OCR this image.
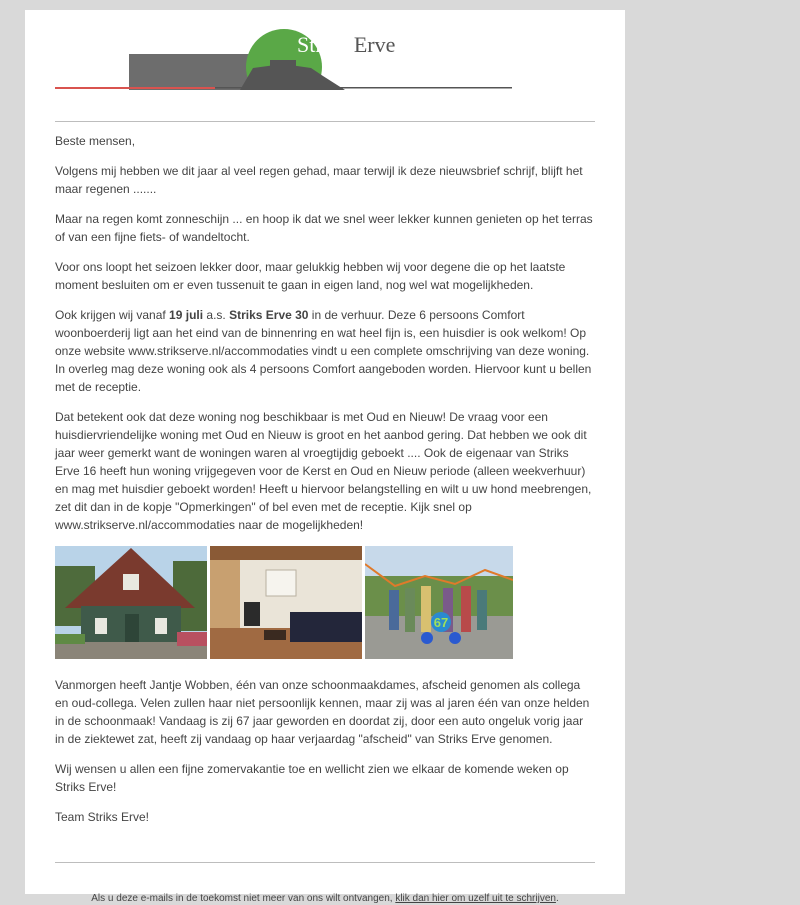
Striks Erve

Beste mensen,

Volgens mij hebben we dit jaar al veel regen gehad, maar terwijl ik deze nieuwsbrief schrijf, blijft het maar regenen .......

Maar na regen komt zonneschijn ... en hoop ik dat we snel weer lekker kunnen genieten op het terras of van een fijne fiets- of wandeltocht.

Voor ons loopt het seizoen lekker door, maar gelukkig hebben wij voor degene die op het laatste moment besluiten om er even tussenuit te gaan in eigen land, nog wel wat mogelijkheden.

Ook krijgen wij vanaf 19 juli a.s. Striks Erve 30 in de verhuur. Deze 6 persoons Comfort woonboerderij ligt aan het eind van de binnenring en wat heel fijn is, een huisdier is ook welkom! Op onze website www.strikserve.nl/accommodaties vindt u een complete omschrijving van deze woning. In overleg mag deze woning ook als 4 persoons Comfort aangeboden worden. Hiervoor kunt u bellen met de receptie.

Dat betekent ook dat deze woning nog beschikbaar is met Oud en Nieuw! De vraag voor een huisdiervriendelijke woning met Oud en Nieuw is groot en het aanbod gering. Dat hebben we ook dit jaar weer gemerkt want de woningen waren al vroegtijdig geboekt .... Ook de eigenaar van Striks Erve 16 heeft hun woning vrijgegeven voor de Kerst en Oud en Nieuw periode (alleen weekverhuur) en mag met huisdier geboekt worden! Heeft u hiervoor belangstelling en wilt u uw hond meebrengen, zet dit dan in de kopje "Opmerkingen" of bel even met de receptie. Kijk snel op www.strikserve.nl/accommodaties naar de mogelijkheden!

67

Vanmorgen heeft Jantje Wobben, één van onze schoonmaakdames, afscheid genomen als collega en oud-collega. Velen zullen haar niet persoonlijk kennen, maar zij was al jaren één van onze helden in de schoonmaak! Vandaag is zij 67 jaar geworden en doordat zij, door een auto ongeluk vorig jaar in de ziektewet zat, heeft zij vandaag op haar verjaardag "afscheid" van Striks Erve genomen.

Wij wensen u allen een fijne zomervakantie toe en wellicht zien we elkaar de komende weken op Striks Erve!

Team Striks Erve!

Als u deze e-mails in de toekomst niet meer van ons wilt ontvangen, klik dan hier om uzelf uit te schrijven.
